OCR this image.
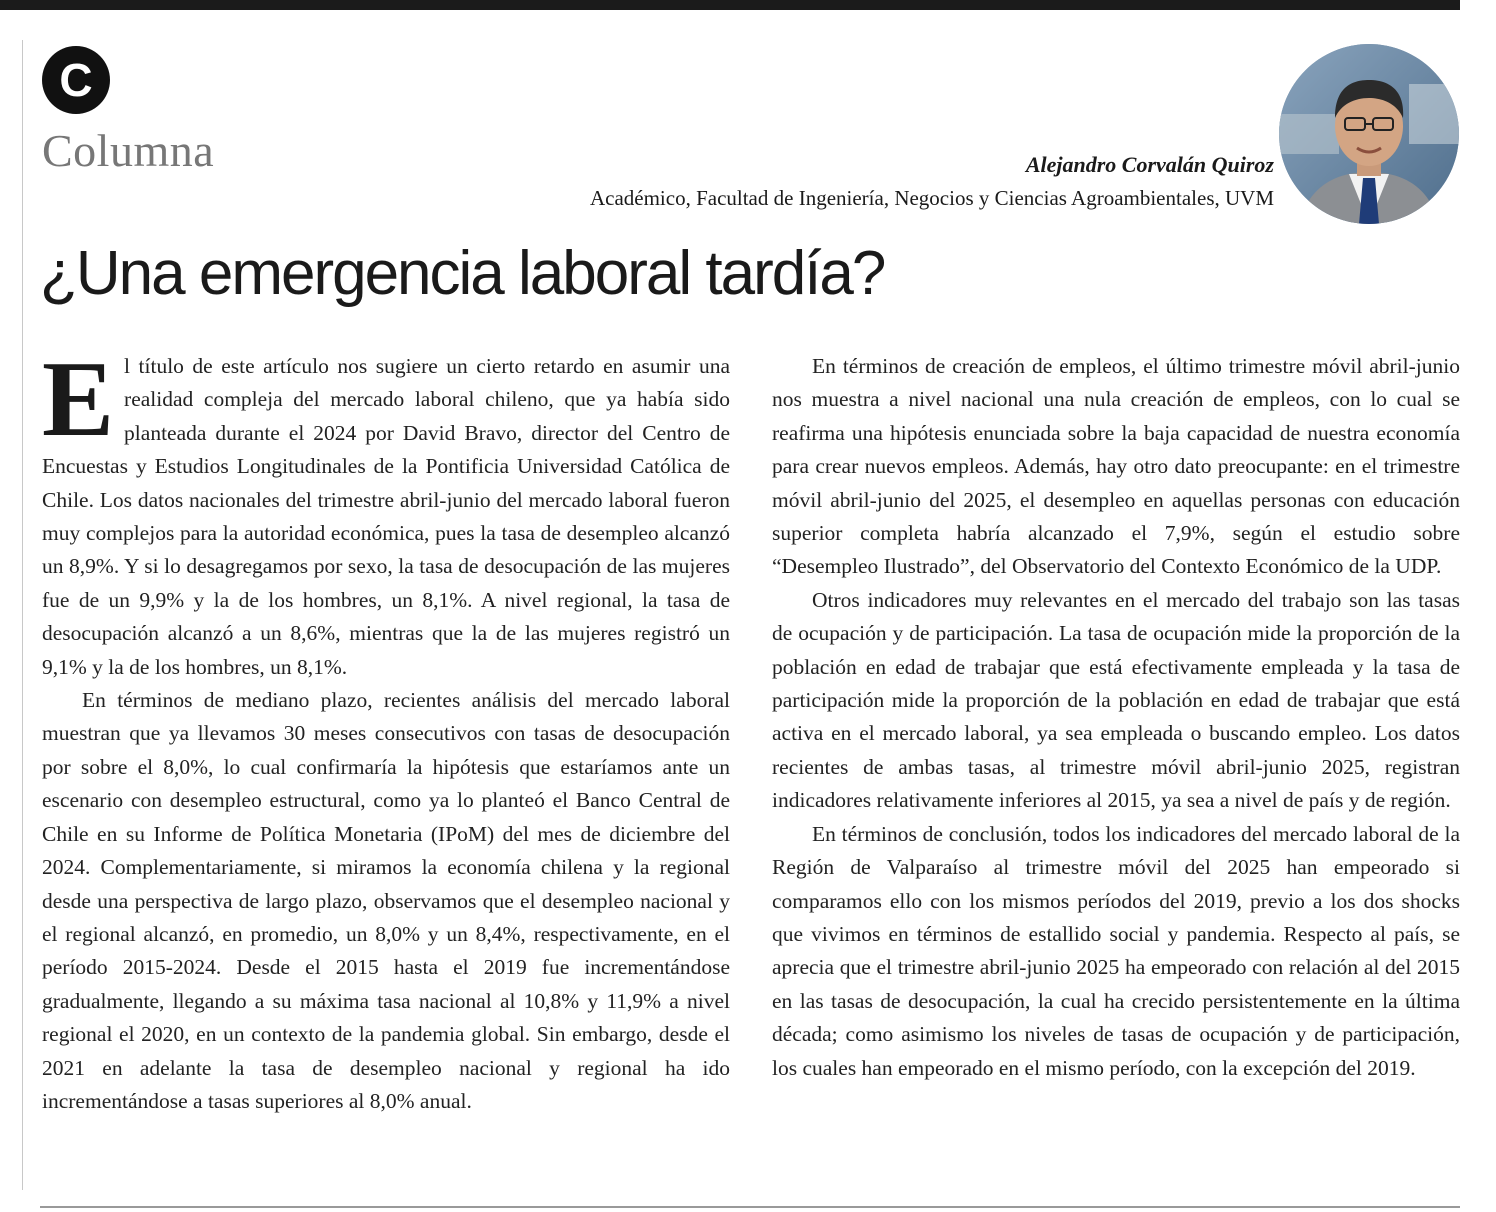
C
Columna	Alejandro Corvalán Quiroz
Académico, Facultad de Ingeniería, Negocios y Ciencias Agroambientales, UVM
¿Una emergencia laboral tardía?

El título de este artículo nos sugiere un cierto retardo en asumir una realidad compleja del mercado laboral chileno, que ya había sido planteada durante el 2024 por David Bravo, director del Centro de Encuestas y Estudios Longitudinales de la Pontificia Universidad Católica de Chile. Los datos nacionales del trimestre abril-junio del mercado laboral fueron muy complejos para la autoridad económica, pues la tasa de desempleo alcanzó un 8,9%. Y si lo desagregamos por sexo, la tasa de desocupación de las mujeres fue de un 9,9% y la de los hombres, un 8,1%. A nivel regional, la tasa de desocupación alcanzó a un 8,6%, mientras que la de las mujeres registró un 9,1% y la de los hombres, un 8,1%.

En términos de mediano plazo, recientes análisis del mercado laboral muestran que ya llevamos 30 meses consecutivos con tasas de desocupación por sobre el 8,0%, lo cual confirmaría la hipótesis que estaríamos ante un escenario con desempleo estructural, como ya lo planteó el Banco Central de Chile en su Informe de Política Monetaria (IPoM) del mes de diciembre del 2024. Complementariamente, si miramos la economía chilena y la regional desde una perspectiva de largo plazo, observamos que el desempleo nacional y el regional alcanzó, en promedio, un 8,0% y un 8,4%, respectivamente, en el período 2015-2024. Desde el 2015 hasta el 2019 fue incrementándose gradualmente, llegando a su máxima tasa nacional al 10,8% y 11,9% a nivel regional el 2020, en un contexto de la pandemia global. Sin embargo, desde el 2021 en adelante la tasa de desempleo nacional y regional ha ido incrementándose a tasas superiores al 8,0% anual.

En términos de creación de empleos, el último trimestre móvil abril-junio nos muestra a nivel nacional una nula creación de empleos, con lo cual se reafirma una hipótesis enunciada sobre la baja capacidad de nuestra economía para crear nuevos empleos. Además, hay otro dato preocupante: en el trimestre móvil abril-junio del 2025, el desempleo en aquellas personas con educación superior completa habría alcanzado el 7,9%, según el estudio sobre “Desempleo Ilustrado”, del Observatorio del Contexto Económico de la UDP.

Otros indicadores muy relevantes en el mercado del trabajo son las tasas de ocupación y de participación. La tasa de ocupación mide la proporción de la población en edad de trabajar que está efectivamente empleada y la tasa de participación mide la proporción de la población en edad de trabajar que está activa en el mercado laboral, ya sea empleada o buscando empleo. Los datos recientes de ambas tasas, al trimestre móvil abril-junio 2025, registran indicadores relativamente inferiores al 2015, ya sea a nivel de país y de región.

En términos de conclusión, todos los indicadores del mercado laboral de la Región de Valparaíso al trimestre móvil del 2025 han empeorado si comparamos ello con los mismos períodos del 2019, previo a los dos shocks que vivimos en términos de estallido social y pandemia. Respecto al país, se aprecia que el trimestre abril-junio 2025 ha empeorado con relación al del 2015 en las tasas de desocupación, la cual ha crecido persistentemente en la última década; como asimismo los niveles de tasas de ocupación y de participación, los cuales han empeorado en el mismo período, con la excepción del 2019.
